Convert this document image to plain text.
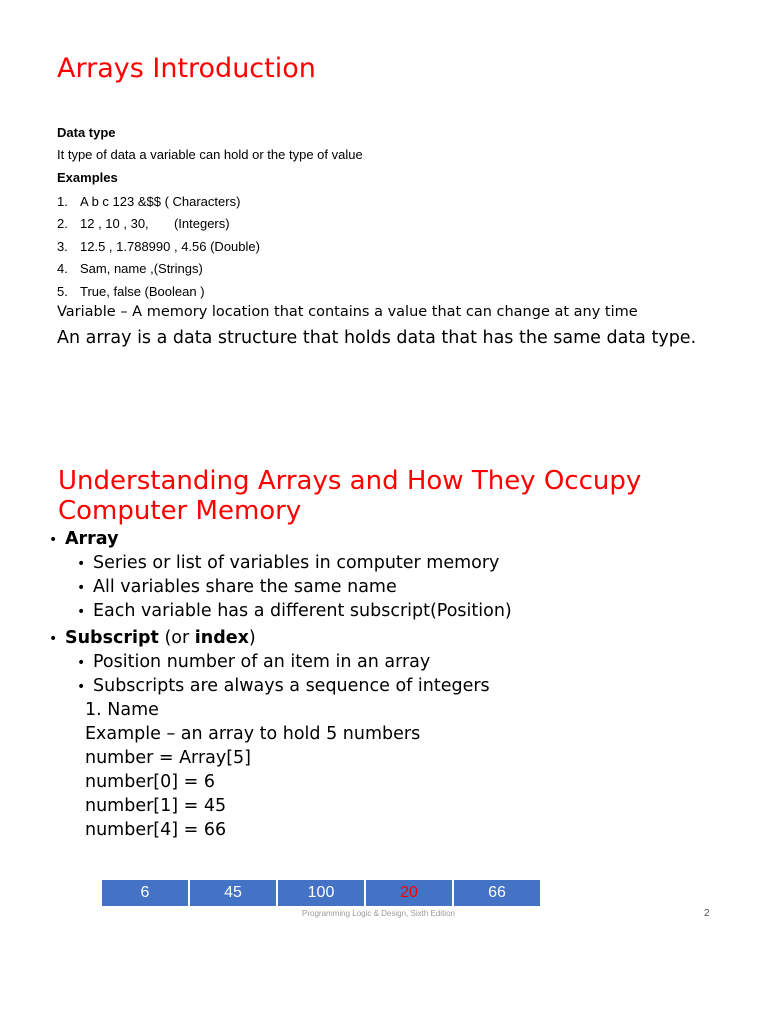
Arrays Introduction
Data type
It type of data a variable can hold or the type of value
Examples
1. A b c 123 &$$ ( Characters)
2. 12 , 10 , 30,       (Integers)
3. 12.5 , 1.788990 , 4.56 (Double)
4. Sam, name ,(Strings)
5. True, false (Boolean )
Variable – A memory location that contains a value that can change at any time
An array is a data structure that holds data that has the same data type.
Understanding Arrays and How They Occupy Computer Memory
• Array
• Series or list of variables in computer memory
• All variables share the same name
• Each variable has a different subscript(Position)
• Subscript (or index)
• Position number of an item in an array
• Subscripts are always a sequence of integers
1. Name
Example – an array to hold 5 numbers
number = Array[5]
number[0] = 6
number[1] = 45
number[4] = 66
6	45	100	20	66
Programming Logic & Design, Sixth Edition	2
